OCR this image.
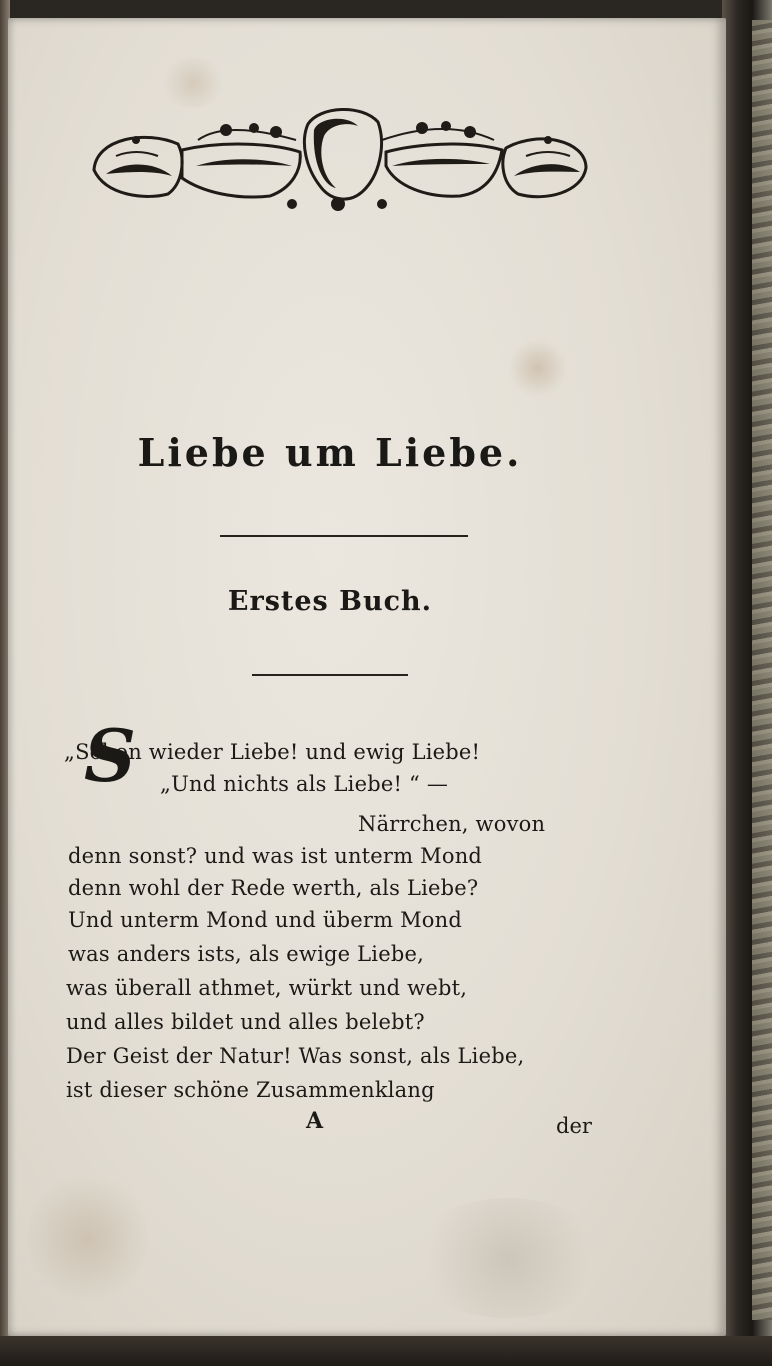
Liebe um Liebe.
Erstes Buch.
S
„Schon wieder Liebe! und ewig Liebe!
„Und nichts als Liebe! “ —
Närrchen, wovon
denn sonst? und was ist unterm Mond
denn wohl der Rede werth, als Liebe?
Und unterm Mond und überm Mond
was anders ists, als ewige Liebe,
was überall athmet, würkt und webt,
und alles bildet und alles belebt?
Der Geist der Natur! Was sonst, als Liebe,
ist dieser schöne Zusammenklang
A	der
